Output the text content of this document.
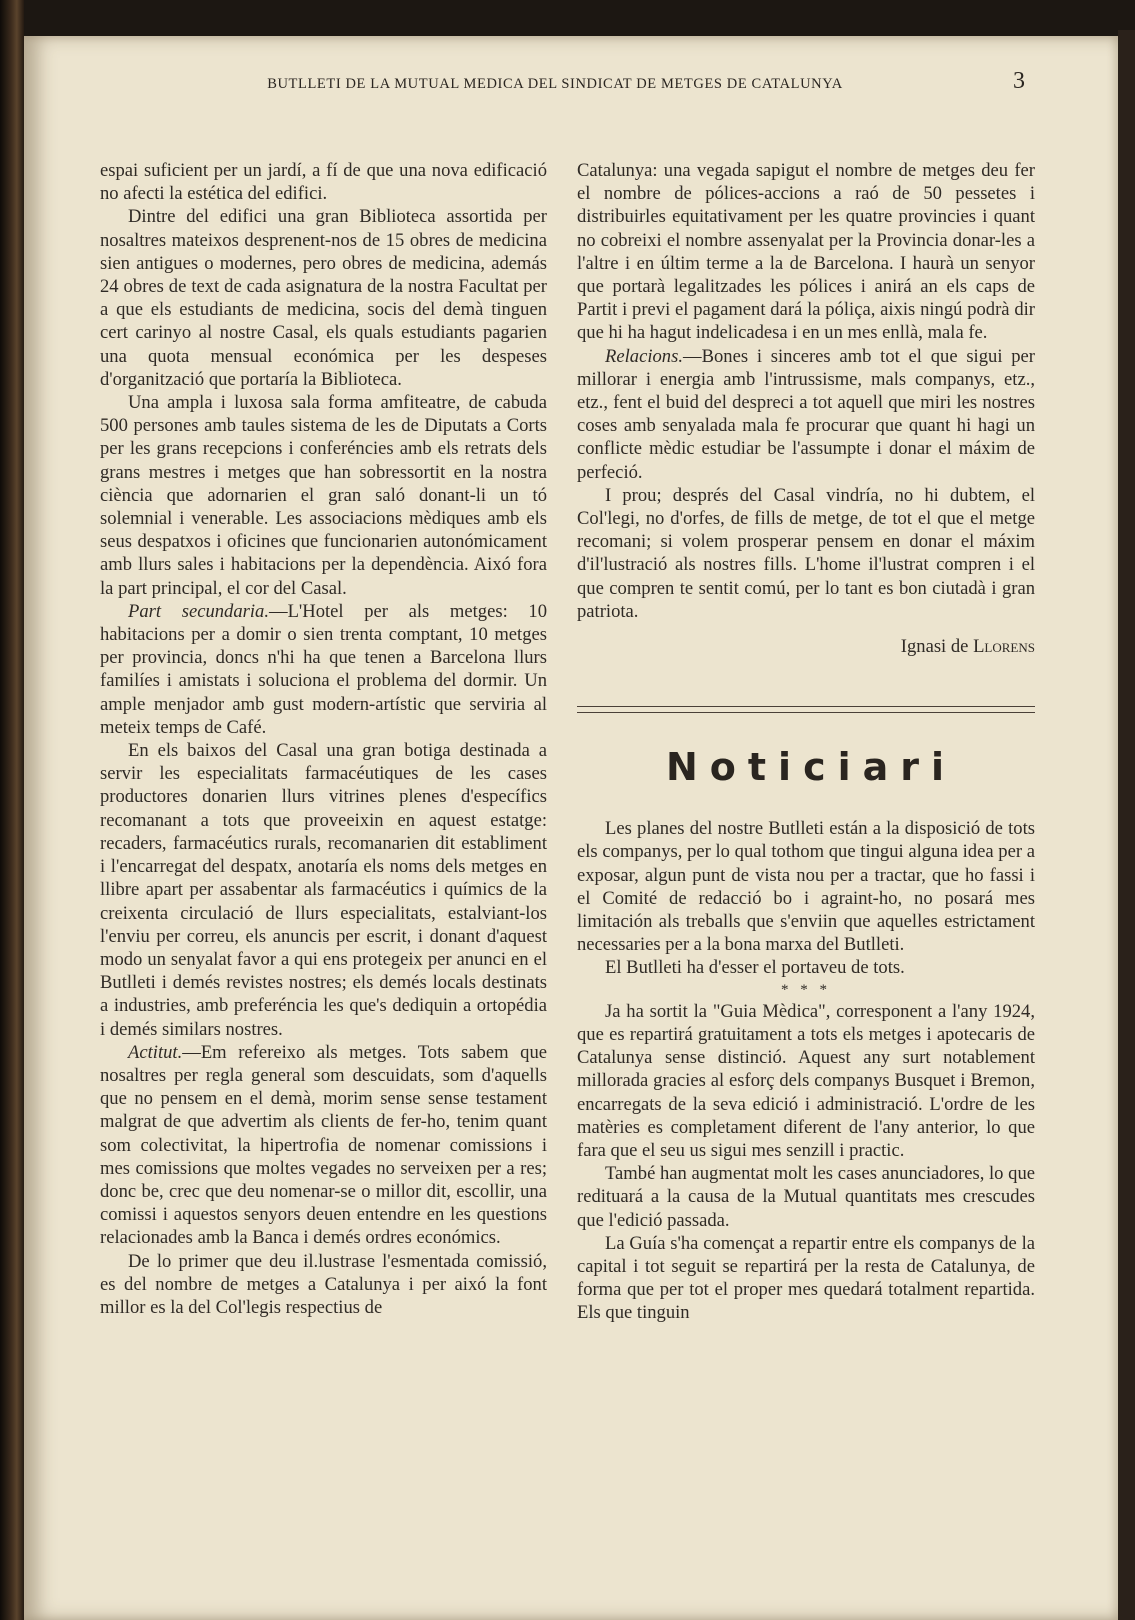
BUTLLETI DE LA MUTUAL MEDICA DEL SINDICAT DE METGES DE CATALUNYA	3

espai suficient per un jardí, a fí de que una nova edificació no afecti la estética del edifici.

Dintre del edifici una gran Biblioteca assortida per nosaltres mateixos desprenent-nos de 15 obres de medicina sien antigues o modernes, pero obres de medicina, además 24 obres de text de cada asignatura de la nostra Facultat per a que els estudiants de medicina, socis del demà tinguen cert carinyo al nostre Casal, els quals estudiants pagarien una quota mensual económica per les despeses d'organització que portaría la Biblioteca.

Una ampla i luxosa sala forma amfiteatre, de cabuda 500 persones amb taules sistema de les de Diputats a Corts per les grans recepcions i conferéncies amb els retrats dels grans mestres i metges que han sobressortit en la nostra ciència que adornarien el gran saló donant-li un tó solemnial i venerable. Les associacions mèdiques amb els seus despatxos i oficines que funcionarien autonómicament amb llurs sales i habitacions per la dependència. Aixó fora la part principal, el cor del Casal.

Part secundaria.—L'Hotel per als metges: 10 habitacions per a domir o sien trenta comptant, 10 metges per provincia, doncs n'hi ha que tenen a Barcelona llurs familíes i amistats i soluciona el problema del dormir. Un ample menjador amb gust modern-artístic que serviria al meteix temps de Café.

En els baixos del Casal una gran botiga destinada a servir les especialitats farmacéutiques de les cases productores donarien llurs vitrines plenes d'específics recomanant a tots que proveeixin en aquest estatge: recaders, farmacéutics rurals, recomanarien dit establiment i l'encarregat del despatx, anotaría els noms dels metges en llibre apart per assabentar als farmacéutics i químics de la creixenta circulació de llurs especialitats, estalviant-los l'enviu per correu, els anuncis per escrit, i donant d'aquest modo un senyalat favor a qui ens protegeix per anunci en el Butlleti i demés revistes nostres; els demés locals destinats a industries, amb preferéncia les que's dediquin a ortopédia i demés similars nostres.

Actitut.—Em refereixo als metges. Tots sabem que nosaltres per regla general som descuidats, som d'aquells que no pensem en el demà, morim sense sense testament malgrat de que advertim als clients de fer-ho, tenim quant som colectivitat, la hipertrofia de nomenar comissions i mes comissions que moltes vegades no serveixen per a res; donc be, crec que deu nomenar-se o millor dit, escollir, una comissi i aquestos senyors deuen entendre en les questions relacionades amb la Banca i demés ordres económics.

De lo primer que deu il.lustrase l'esmentada comissió, es del nombre de metges a Catalunya i per aixó la font millor es la del Col'legis respectius de

Catalunya: una vegada sapigut el nombre de metges deu fer el nombre de pólices-accions a raó de 50 pessetes i distribuirles equitativament per les quatre provincies i quant no cobreixi el nombre assenyalat per la Provincia donar-les a l'altre i en últim terme a la de Barcelona. I haurà un senyor que portarà legalitzades les pólices i anirá an els caps de Partit i previ el pagament dará la póliça, aixis ningú podrà dir que hi ha hagut indelicadesa i en un mes enllà, mala fe.

Relacions.—Bones i sinceres amb tot el que sigui per millorar i energia amb l'intrussisme, mals companys, etz., etz., fent el buid del despreci a tot aquell que miri les nostres coses amb senyalada mala fe procurar que quant hi hagi un conflicte mèdic estudiar be l'assumpte i donar el máxim de perfeció.

I prou; després del Casal vindría, no hi dubtem, el Col'legi, no d'orfes, de fills de metge, de tot el que el metge recomani; si volem prosperar pensem en donar el máxim d'il'lustració als nostres fills. L'home il'lustrat compren i el que compren te sentit comú, per lo tant es bon ciutadà i gran patriota.

Ignasi de Llorens

Noticiari

Les planes del nostre Butlleti están a la disposició de tots els companys, per lo qual tothom que tingui alguna idea per a exposar, algun punt de vista nou per a tractar, que ho fassi i el Comité de redacció bo i agraint-ho, no posará mes limitación als treballs que s'enviin que aquelles estrictament necessaries per a la bona marxa del Butlleti.

El Butlleti ha d'esser el portaveu de tots.

* * *

Ja ha sortit la "Guia Mèdica", corresponent a l'any 1924, que es repartirá gratuitament a tots els metges i apotecaris de Catalunya sense distinció. Aquest any surt notablement millorada gracies al esforç dels companys Busquet i Bremon, encarregats de la seva edició i administració. L'ordre de les matèries es completament diferent de l'any anterior, lo que fara que el seu us sigui mes senzill i practic.

També han augmentat molt les cases anunciadores, lo que redituará a la causa de la Mutual quantitats mes crescudes que l'edició passada.

La Guía s'ha començat a repartir entre els companys de la capital i tot seguit se repartirá per la resta de Catalunya, de forma que per tot el proper mes quedará totalment repartida. Els que tinguin
